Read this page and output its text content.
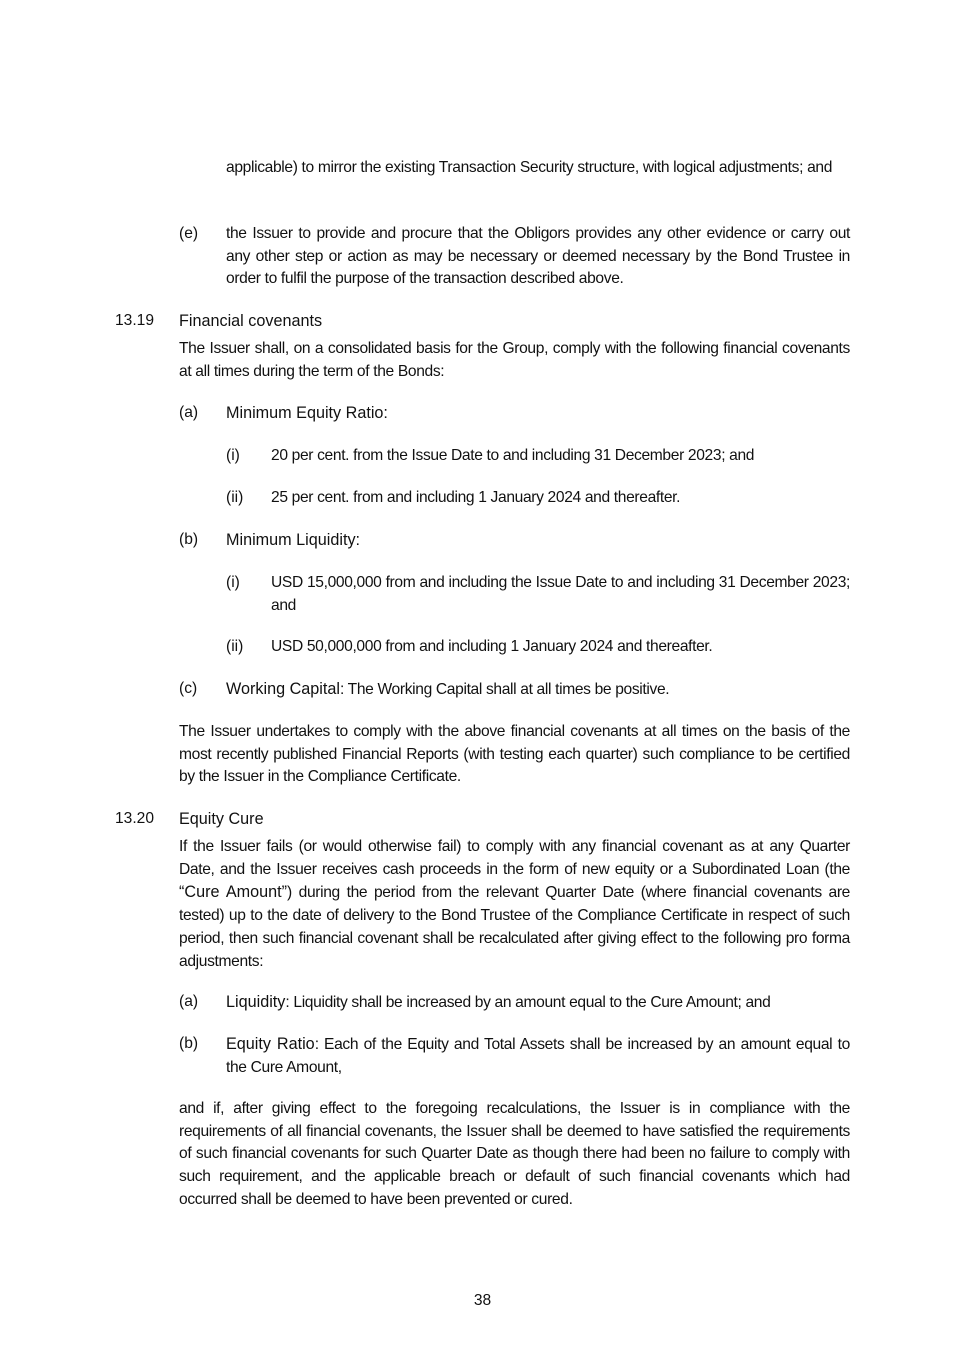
applicable) to mirror the existing Transaction Security structure, with logical adjustments; and

(e) the Issuer to provide and procure that the Obligors provides any other evidence or carry out any other step or action as may be necessary or deemed necessary by the Bond Trustee in order to fulfil the purpose of the transaction described above.

13.19 Financial covenants

The Issuer shall, on a consolidated basis for the Group, comply with the following financial covenants at all times during the term of the Bonds:

(a) Minimum Equity Ratio:
(i) 20 per cent. from the Issue Date to and including 31 December 2023; and

(ii) 25 per cent. from and including 1 January 2024 and thereafter.

(b) Minimum Liquidity:
(i) USD 15,000,000 from and including the Issue Date to and including 31 December 2023; and

(ii) USD 50,000,000 from and including 1 January 2024 and thereafter.

(c) Working Capital: The Working Capital shall at all times be positive.

The Issuer undertakes to comply with the above financial covenants at all times on the basis of the most recently published Financial Reports (with testing each quarter) such compliance to be certified by the Issuer in the Compliance Certificate.

13.20 Equity Cure

If the Issuer fails (or would otherwise fail) to comply with any financial covenant as at any Quarter Date, and the Issuer receives cash proceeds in the form of new equity or a Subordinated Loan (the “Cure Amount”) during the period from the relevant Quarter Date (where financial covenants are tested) up to the date of delivery to the Bond Trustee of the Compliance Certificate in respect of such period, then such financial covenant shall be recalculated after giving effect to the following pro forma adjustments:

(a) Liquidity: Liquidity shall be increased by an amount equal to the Cure Amount; and

(b) Equity Ratio: Each of the Equity and Total Assets shall be increased by an amount equal to the Cure Amount,

and if, after giving effect to the foregoing recalculations, the Issuer is in compliance with the requirements of all financial covenants, the Issuer shall be deemed to have satisfied the requirements of such financial covenants for such Quarter Date as though there had been no failure to comply with such requirement, and the applicable breach or default of such financial covenants which had occurred shall be deemed to have been prevented or cured.

38
